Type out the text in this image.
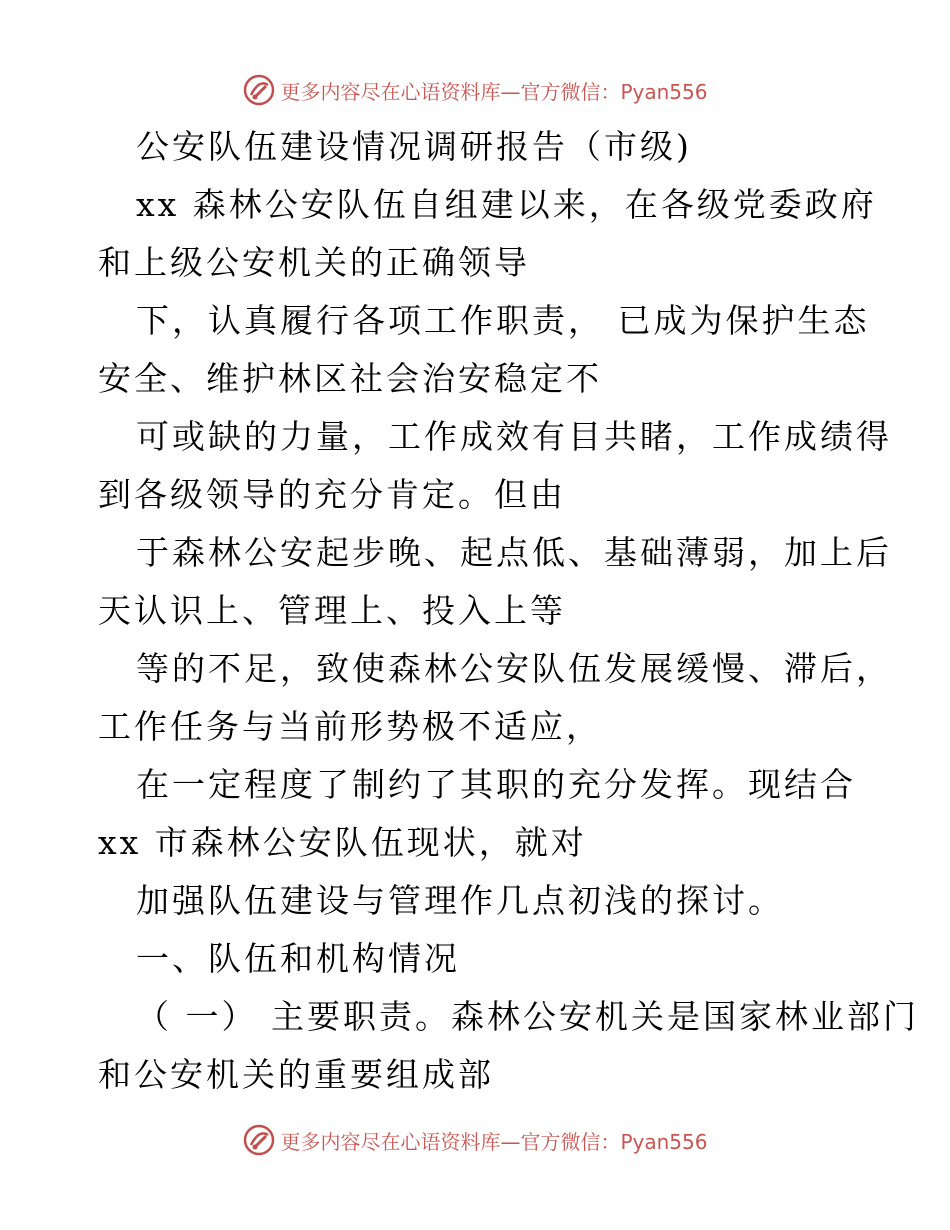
更多内容尽在心语资料库—官方微信：Pyan556
公安队伍建设情况调研报告（市级)
xx 森林公安队伍自组建以来，在各级党委政府
和上级公安机关的正确领导
下，认真履行各项工作职责， 已成为保护生态
安全、维护林区社会治安稳定不
可或缺的力量，工作成效有目共睹，工作成绩得
到各级领导的充分肯定。但由
于森林公安起步晚、起点低、基础薄弱，加上后
天认识上、管理上、投入上等
等的不足，致使森林公安队伍发展缓慢、滞后，
工作任务与当前形势极不适应，
在一定程度了制约了其职的充分发挥。现结合
xx 市森林公安队伍现状，就对
加强队伍建设与管理作几点初浅的探讨。
一、队伍和机构情况
（ 一） 主要职责。森林公安机关是国家林业部门
和公安机关的重要组成部
更多内容尽在心语资料库—官方微信：Pyan556
